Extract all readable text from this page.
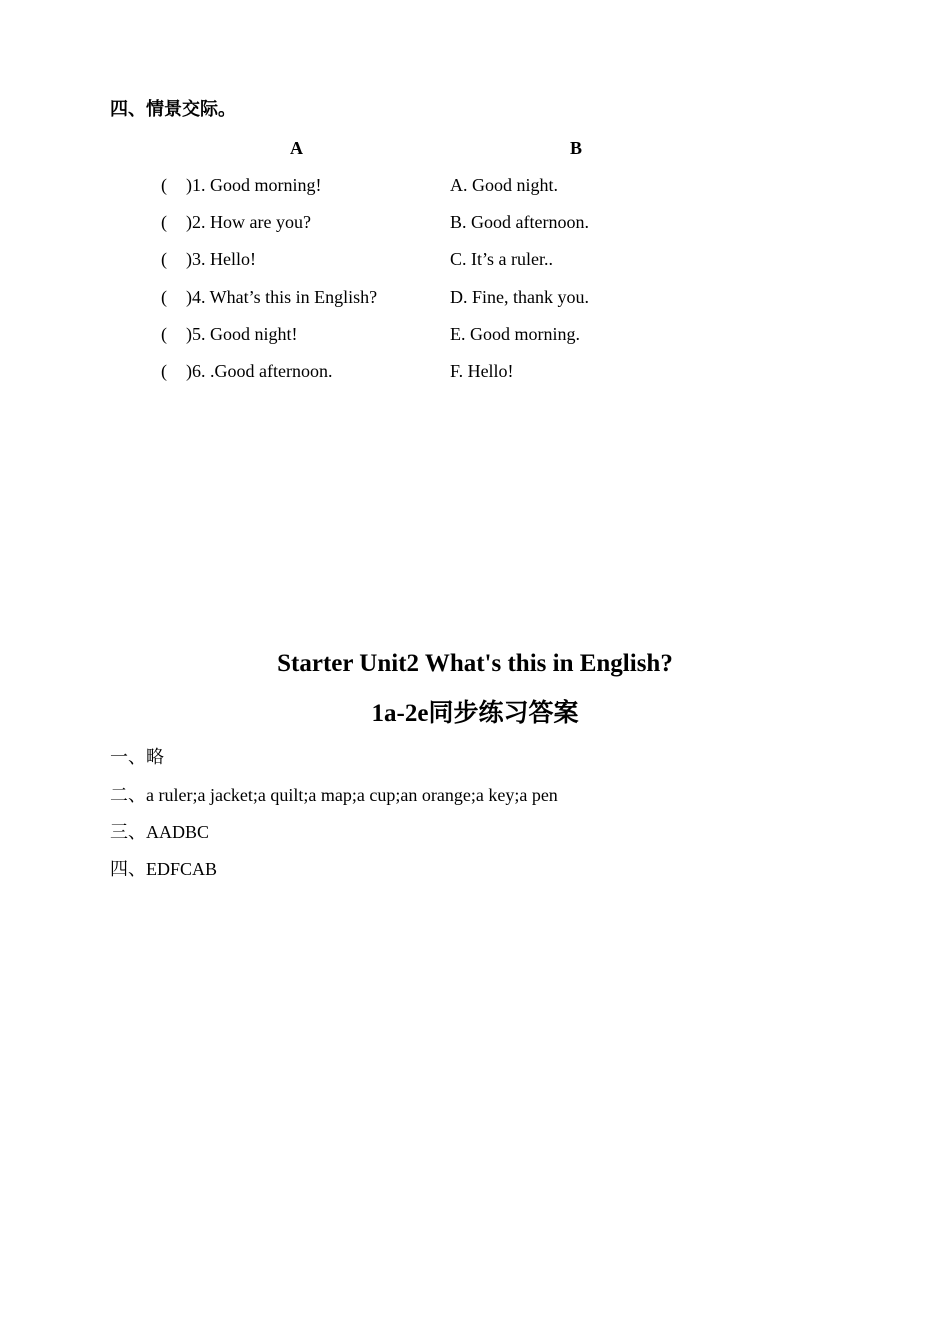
四、情景交际。
A	B
( )1. Good morning!	A. Good night.
( )2. How are you?	B. Good afternoon.
( )3. Hello!	C. It’s a ruler..
( )4. What’s this in English?	D. Fine, thank you.
( )5. Good night!	E. Good morning.
( )6. .Good afternoon.	F. Hello!
Starter Unit2 What's this in English?
1a-2e同步练习答案
一、略
二、a ruler;a jacket;a quilt;a map;a cup;an orange;a key;a pen
三、AADBC
四、EDFCAB
